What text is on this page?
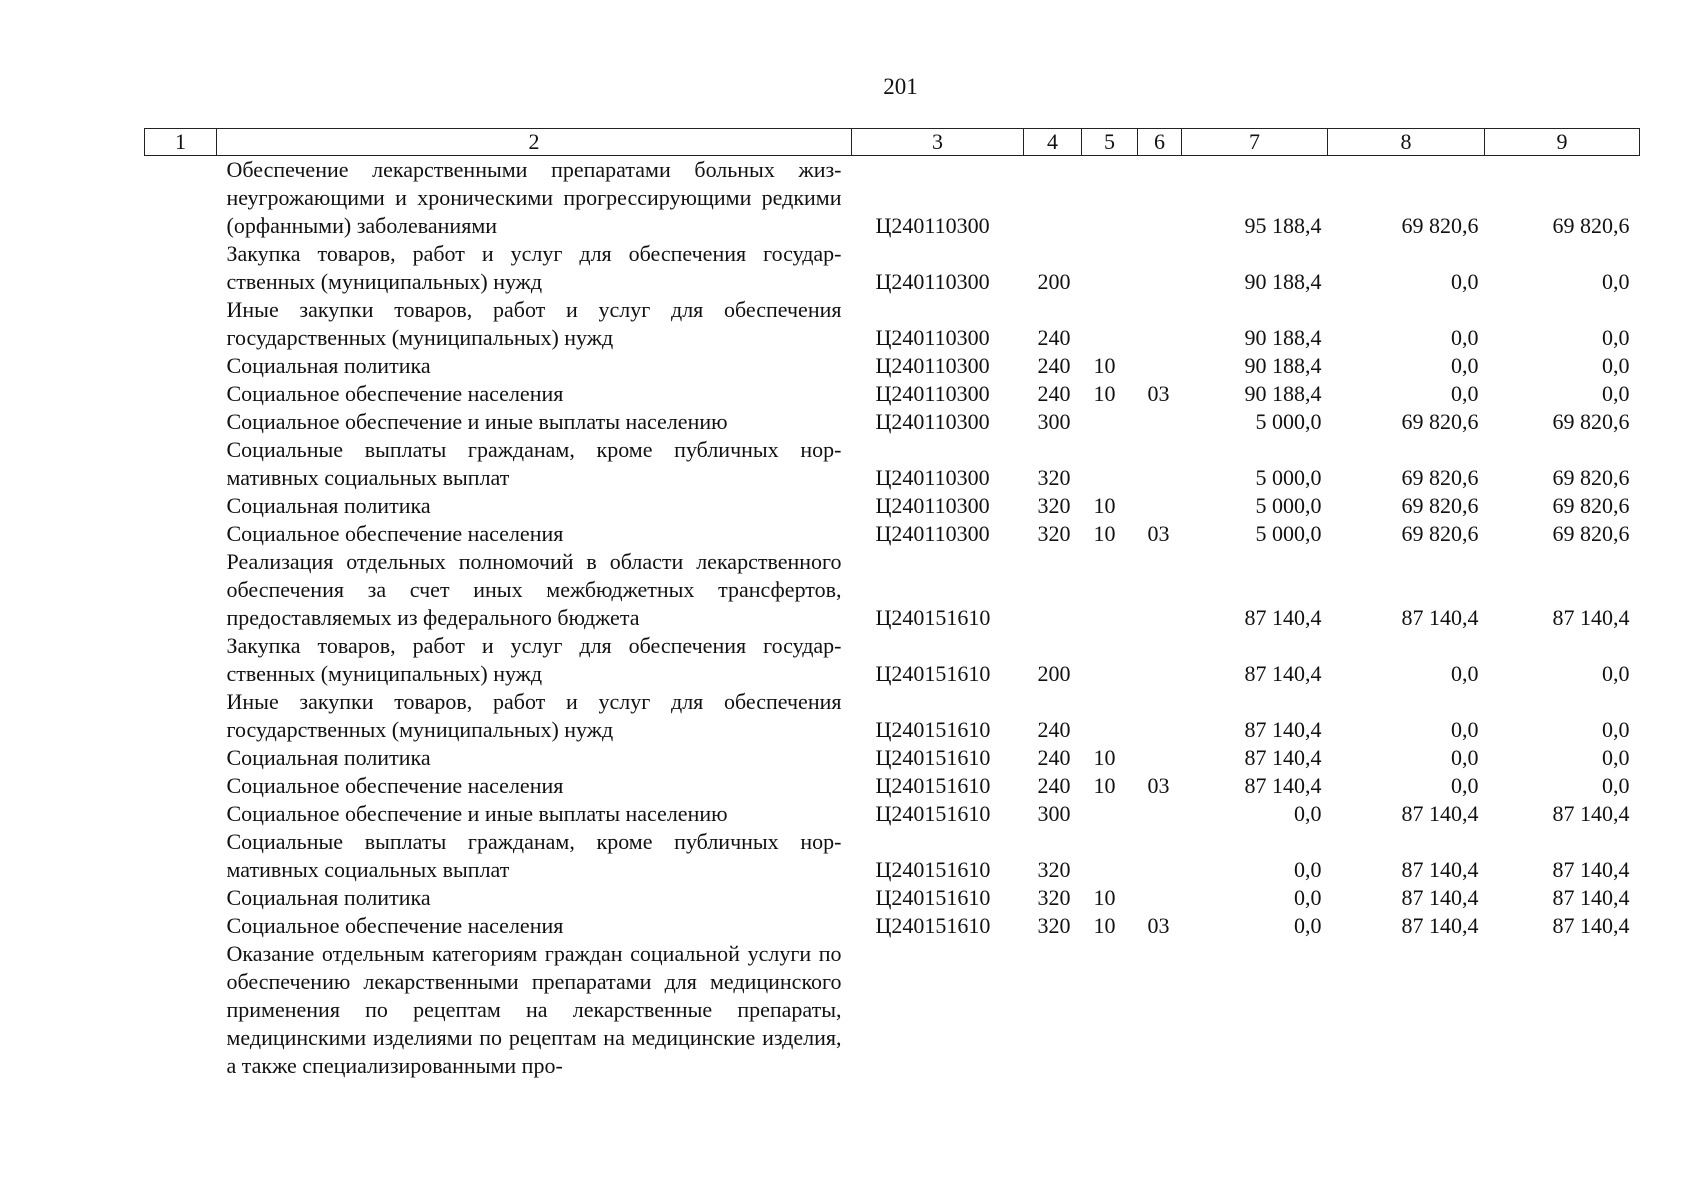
201
1	2	3	4	5	6	7	8	9
	Обеспечение лекарственными препаратами больных жизнеугрожающими и хроническими прогрессирующими редкими (орфанными) заболеваниями	Ц240110300				95 188,4	69 820,6	69 820,6
	Закупка товаров, работ и услуг для обеспечения государственных (муниципальных) нужд	Ц240110300	200			90 188,4	0,0	0,0
	Иные закупки товаров, работ и услуг для обеспечения государственных (муниципальных) нужд	Ц240110300	240			90 188,4	0,0	0,0
	Социальная политика	Ц240110300	240	10		90 188,4	0,0	0,0
	Социальное обеспечение населения	Ц240110300	240	10	03	90 188,4	0,0	0,0
	Социальное обеспечение и иные выплаты населению	Ц240110300	300			5 000,0	69 820,6	69 820,6
	Социальные выплаты гражданам, кроме публичных нормативных социальных выплат	Ц240110300	320			5 000,0	69 820,6	69 820,6
	Социальная политика	Ц240110300	320	10		5 000,0	69 820,6	69 820,6
	Социальное обеспечение населения	Ц240110300	320	10	03	5 000,0	69 820,6	69 820,6
	Реализация отдельных полномочий в области лекарственного обеспечения за счет иных межбюджетных трансфертов, предоставляемых из федерального бюджета	Ц240151610				87 140,4	87 140,4	87 140,4
	Закупка товаров, работ и услуг для обеспечения государственных (муниципальных) нужд	Ц240151610	200			87 140,4	0,0	0,0
	Иные закупки товаров, работ и услуг для обеспечения государственных (муниципальных) нужд	Ц240151610	240			87 140,4	0,0	0,0
	Социальная политика	Ц240151610	240	10		87 140,4	0,0	0,0
	Социальное обеспечение населения	Ц240151610	240	10	03	87 140,4	0,0	0,0
	Социальное обеспечение и иные выплаты населению	Ц240151610	300			0,0	87 140,4	87 140,4
	Социальные выплаты гражданам, кроме публичных нормативных социальных выплат	Ц240151610	320			0,0	87 140,4	87 140,4
	Социальная политика	Ц240151610	320	10		0,0	87 140,4	87 140,4
	Социальное обеспечение населения	Ц240151610	320	10	03	0,0	87 140,4	87 140,4
	Оказание отдельным категориям граждан социальной услуги по обеспечению лекарственными препаратами для медицинского применения по рецептам на лекарственные препараты, медицинскими изделиями по рецептам на медицинские изделия, а также специализированными про-							
